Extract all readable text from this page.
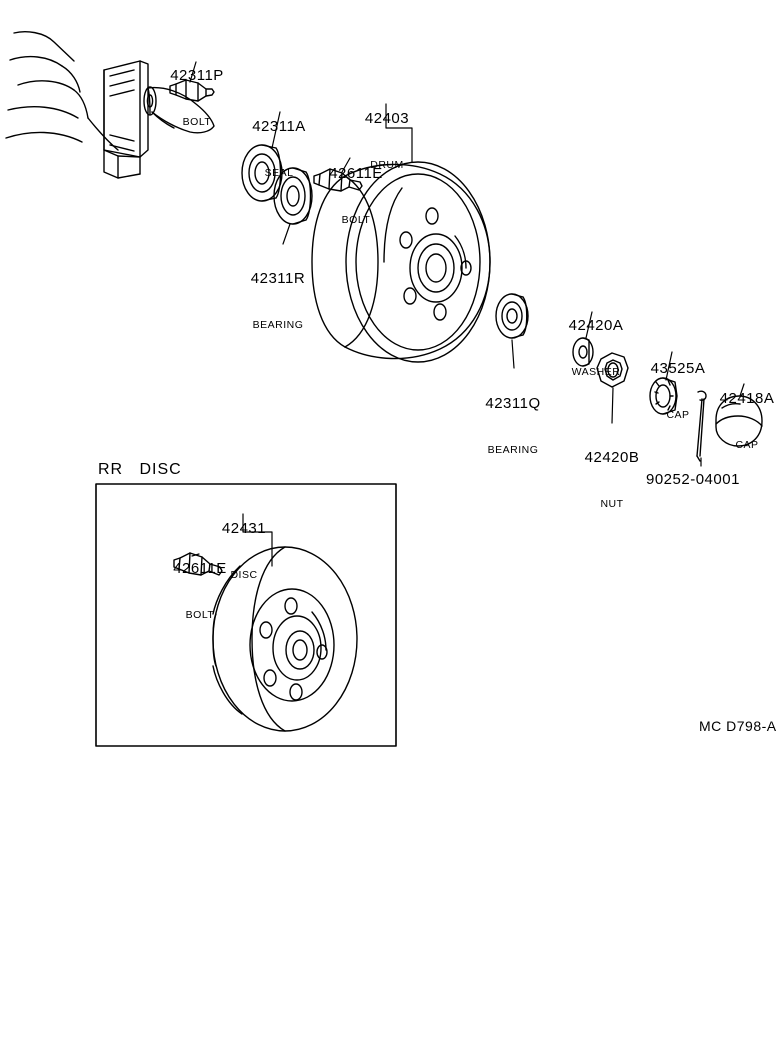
42311P

BOLT

	42311A

SEAL

42403

DRUM

42611E

BOLT

42311R

BEARING

42311Q

BEARING

42420A

WASHER

42420B

NUT

43525A

CAP

42418A

CAP

42431

DISC

42611E

BOLT

RR   DISC
90252-04001
MC D798-A
